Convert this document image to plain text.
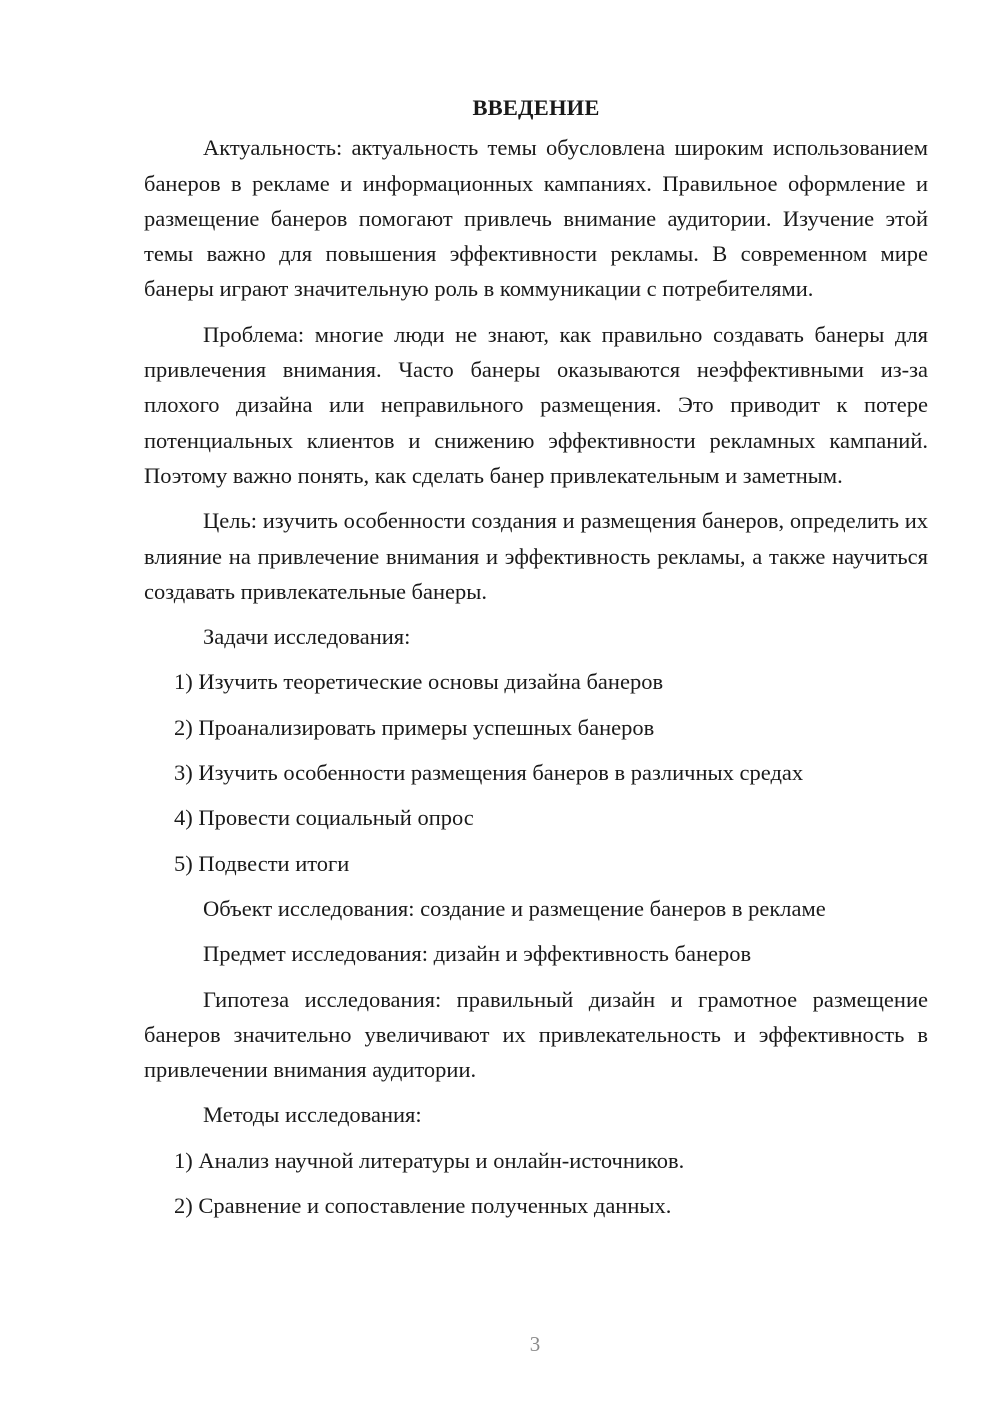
ВВЕДЕНИЕ
Актуальность: актуальность темы обусловлена широким использованием банеров в рекламе и информационных кампаниях. Правильное оформление и размещение банеров помогают привлечь внимание аудитории. Изучение этой темы важно для повышения эффективности рекламы. В современном мире банеры играют значительную роль в коммуникации с потребителями.
Проблема: многие люди не знают, как правильно создавать банеры для привлечения внимания. Часто банеры оказываются неэффективными из-за плохого дизайна или неправильного размещения. Это приводит к потере потенциальных клиентов и снижению эффективности рекламных кампаний. Поэтому важно понять, как сделать банер привлекательным и заметным.
Цель: изучить особенности создания и размещения банеров, определить их влияние на привлечение внимания и эффективность рекламы, а также научиться создавать привлекательные банеры.
Задачи исследования:
1) Изучить теоретические основы дизайна банеров
2) Проанализировать примеры успешных банеров
3) Изучить особенности размещения банеров в различных средах
4) Провести социальный опрос
5) Подвести итоги
Объект исследования: создание и размещение банеров в рекламе
Предмет исследования: дизайн и эффективность банеров
Гипотеза исследования: правильный дизайн и грамотное размещение банеров значительно увеличивают их привлекательность и эффективность в привлечении внимания аудитории.
Методы исследования:
1) Анализ научной литературы и онлайн-источников.
2) Сравнение и сопоставление полученных данных.
3
